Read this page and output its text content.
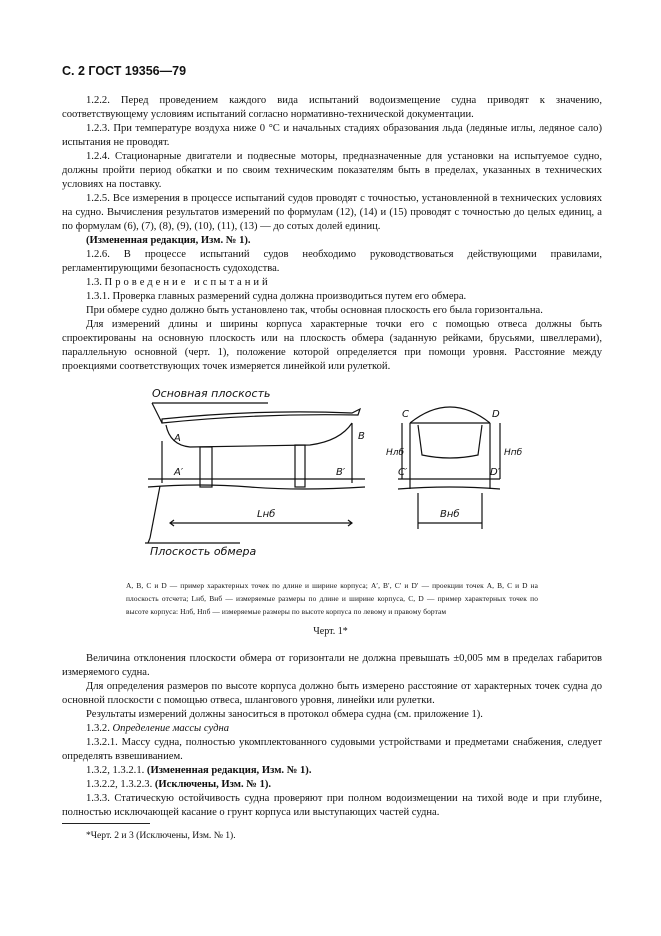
С. 2 ГОСТ 19356—79

1.2.2. Перед проведением каждого вида испытаний водоизмещение судна приводят к значению, соответствующему условиям испытаний согласно нормативно-технической документации.

1.2.3. При температуре воздуха ниже 0 °С и начальных стадиях образования льда (ледяные иглы, ледяное сало) испытания не проводят.

1.2.4. Стационарные двигатели и подвесные моторы, предназначенные для установки на испытуемое судно, должны пройти период обкатки и по своим техническим показателям быть в пределах, указанных в технических условиях на поставку.

1.2.5. Все измерения в процессе испытаний судов проводят с точностью, установленной в технических условиях на судно. Вычисления результатов измерений по формулам (12), (14) и (15) проводят с точностью до целых единиц, а по формулам (6), (7), (8), (9), (10), (11), (13) — до сотых долей единиц.

(Измененная редакция, Изм. № 1).

1.2.6. В процессе испытаний судов необходимо руководствоваться действующими правилами, регламентирующими безопасность судоходства.

1.3. Проведение испытаний

1.3.1. Проверка главных размерений судна должна производиться путем его обмера.

При обмере судно должно быть установлено так, чтобы основная плоскость его была горизонтальна.

Для измерений длины и ширины корпуса характерные точки его с помощью отвеса должны быть спроектированы на основную плоскость или на плоскость обмера (заданную рейками, брусьями, швеллерами), параллельную основной (черт. 1), положение которой определяется при помощи уровня. Расстояние между проекциями соответствующих точек измеряется линейкой или рулеткой.

Основная плоскость
Плоскость обмера
A	B
A′	B′
Lнб
C	D
C′	D′
Bнб
Hлб	Hпб
A, B, C и D — пример характерных точек по длине и ширине корпуса; A′, B′, C′ и D′ — проекции точек A, B, C и D на плоскость отсчета; Lнб, Bнб — измеряемые размеры по длине и ширине корпуса, C, D — пример характерных точек по высоте корпуса: Hлб, Hпб — измеряемые размеры по высоте корпуса по левому и правому бортам
Черт. 1*

Величина отклонения плоскости обмера от горизонтали не должна превышать ±0,005 мм в пределах габаритов измеряемого судна.

Для определения размеров по высоте корпуса должно быть измерено расстояние от характерных точек судна до основной плоскости с помощью отвеса, шлангового уровня, линейки или рулетки.

Результаты измерений должны заноситься в протокол обмера судна (см. приложение 1).

1.3.2. Определение массы судна

1.3.2.1. Массу судна, полностью укомплектованного судовыми устройствами и предметами снабжения, следует определять взвешиванием.

1.3.2, 1.3.2.1. (Измененная редакция, Изм. № 1).

1.3.2.2, 1.3.2.3. (Исключены, Изм. № 1).

1.3.3. Статическую остойчивость судна проверяют при полном водоизмещении на тихой воде и при глубине, полностью исключающей касание о грунт корпуса или выступающих частей судна.

*Черт. 2 и 3 (Исключены, Изм. № 1).
